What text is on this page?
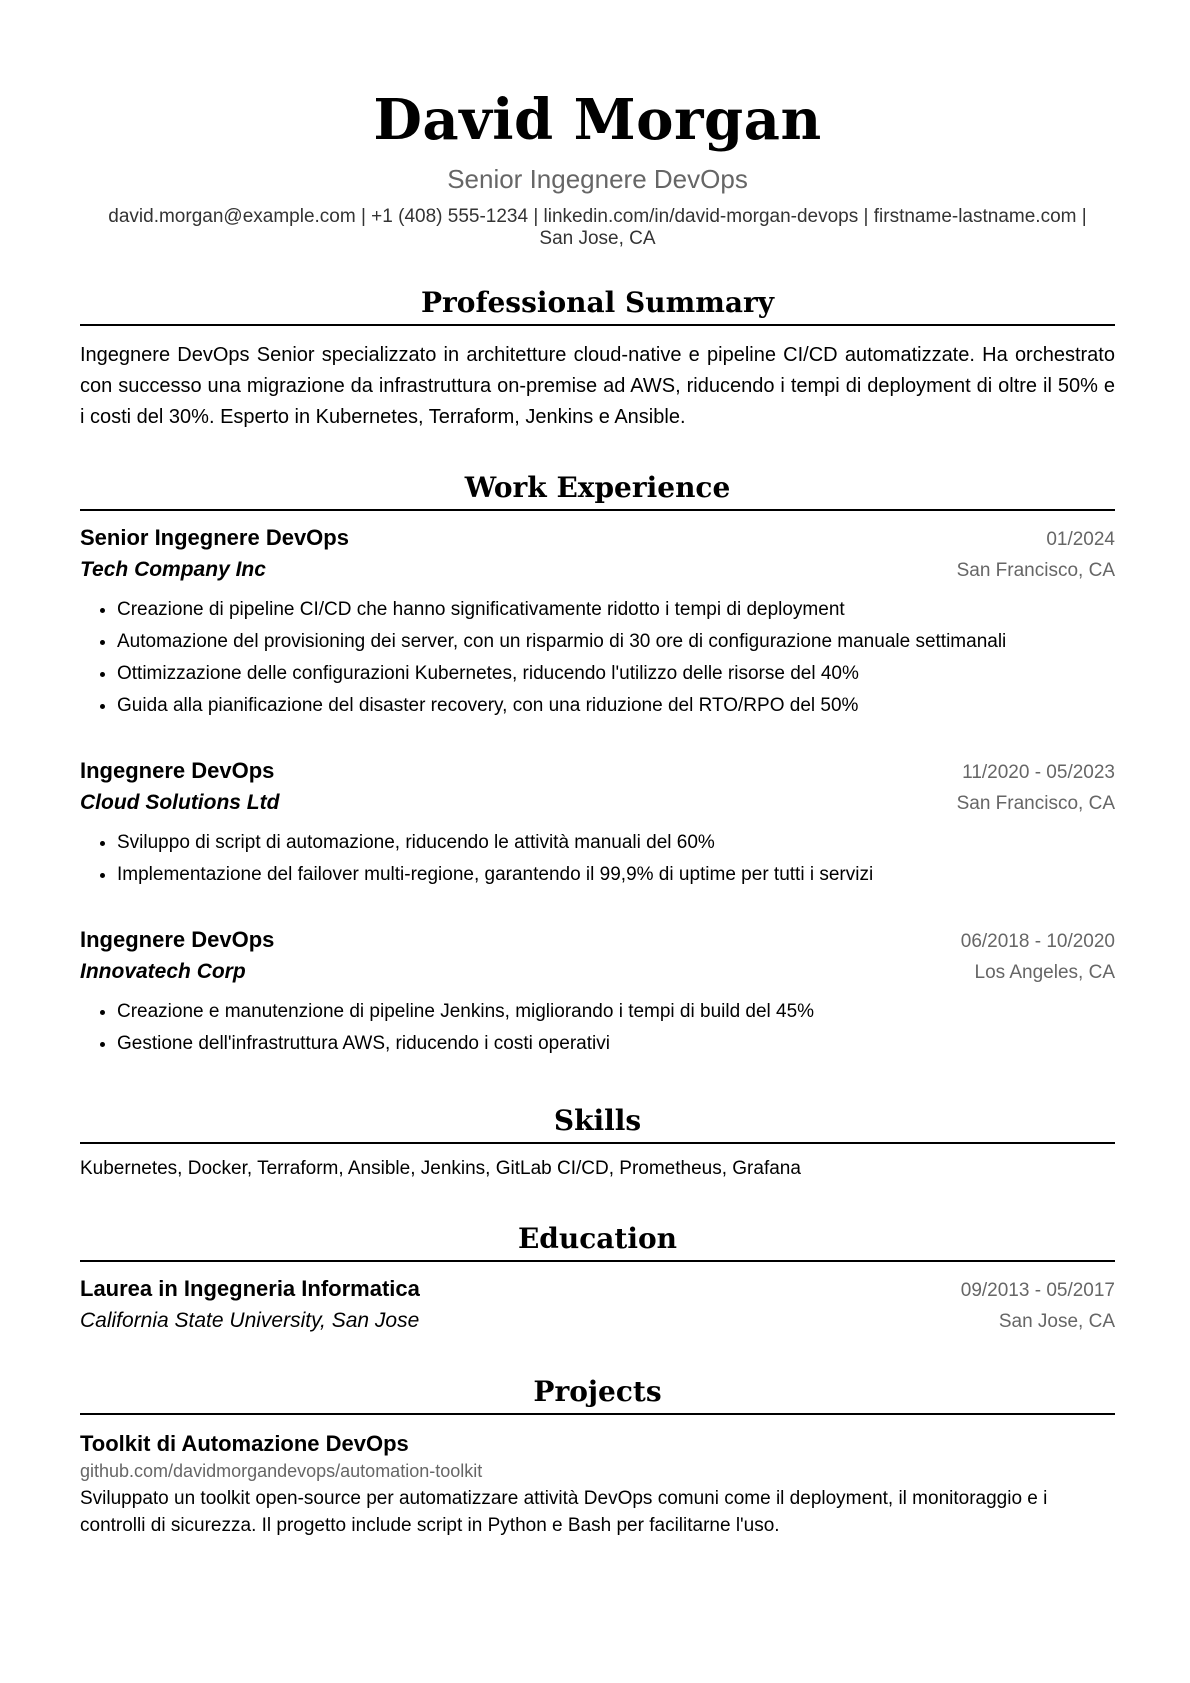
David Morgan
Senior Ingegnere DevOps
david.morgan@example.com | +1 (408) 555-1234 | linkedin.com/in/david-morgan-devops | firstname-lastname.com |
San Jose, CA
Professional Summary
Ingegnere DevOps Senior specializzato in architetture cloud-native e pipeline CI/CD automatizzate. Ha orchestrato con successo una migrazione da infrastruttura on-premise ad AWS, riducendo i tempi di deployment di oltre il 50% e i costi del 30%. Esperto in Kubernetes, Terraform, Jenkins e Ansible.
Work Experience
Senior Ingegnere DevOps	01/2024
Tech Company Inc	San Francisco, CA
• Creazione di pipeline CI/CD che hanno significativamente ridotto i tempi di deployment
• Automazione del provisioning dei server, con un risparmio di 30 ore di configurazione manuale settimanali
• Ottimizzazione delle configurazioni Kubernetes, riducendo l'utilizzo delle risorse del 40%
• Guida alla pianificazione del disaster recovery, con una riduzione del RTO/RPO del 50%
Ingegnere DevOps	11/2020 - 05/2023
Cloud Solutions Ltd	San Francisco, CA
• Sviluppo di script di automazione, riducendo le attività manuali del 60%
• Implementazione del failover multi-regione, garantendo il 99,9% di uptime per tutti i servizi
Ingegnere DevOps	06/2018 - 10/2020
Innovatech Corp	Los Angeles, CA
• Creazione e manutenzione di pipeline Jenkins, migliorando i tempi di build del 45%
• Gestione dell'infrastruttura AWS, riducendo i costi operativi
Skills
Kubernetes, Docker, Terraform, Ansible, Jenkins, GitLab CI/CD, Prometheus, Grafana
Education
Laurea in Ingegneria Informatica	09/2013 - 05/2017
California State University, San Jose	San Jose, CA
Projects
Toolkit di Automazione DevOps
github.com/davidmorgandevops/automation-toolkit
Sviluppato un toolkit open-source per automatizzare attività DevOps comuni come il deployment, il monitoraggio e i controlli di sicurezza. Il progetto include script in Python e Bash per facilitarne l'uso.
